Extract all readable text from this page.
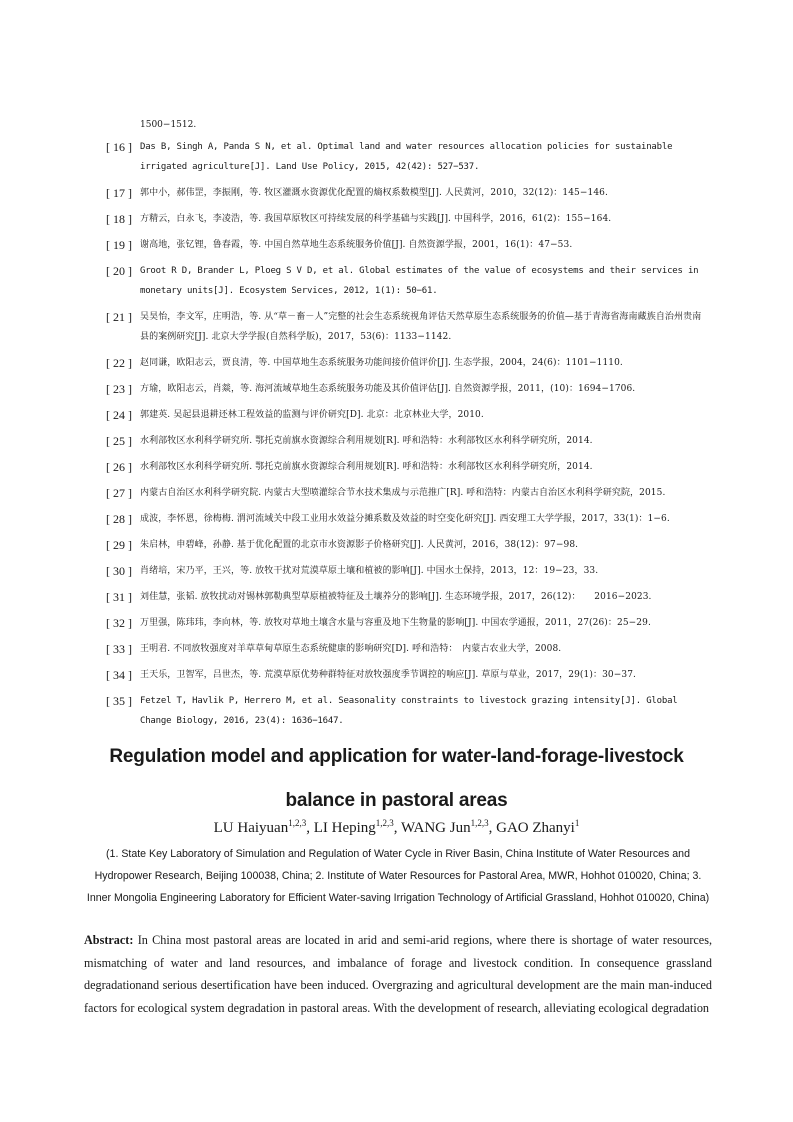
1500−1512.
[ 16 ] Das B, Singh A, Panda S N, et al. Optimal land and water resources allocation policies for sustainable irrigated agriculture[J]. Land Use Policy, 2015, 42(42): 527−537.
[ 17 ] 郭中小，郝伟罡，李振刚，等. 牧区灌溉水资源优化配置的熵权系数模型[J]. 人民黄河，2010，32(12)：145−146.
[ 18 ] 方精云，白永飞，李凌浩，等. 我国草原牧区可持续发展的科学基础与实践[J]. 中国科学，2016，61(2)：155−164.
[ 19 ] 谢高地，张钇锂，鲁春霞，等. 中国自然草地生态系统服务价值[J]. 自然资源学报，2001，16(1)：47−53.
[ 20 ] Groot R D, Brander L, Ploeg S V D, et al. Global estimates of the value of ecosystems and their services in monetary units[J]. Ecosystem Services, 2012, 1(1): 50−61.
[ 21 ] 吴昊怡，李文军，庄明浩，等. 从“草－畜－人”完整的社会生态系统视角评估天然草原生态系统服务的价值—基于青海省海南藏族自治州贵南县的案例研究[J]. 北京大学学报(自然科学版)，2017，53(6)：1133−1142.
[ 22 ] 赵同谦，欧阳志云，贾良清，等. 中国草地生态系统服务功能间接价值评价[J]. 生态学报，2004，24(6)：1101−1110.
[ 23 ] 方瑜，欧阳志云，肖燚，等. 海河流域草地生态系统服务功能及其价值评估[J]. 自然资源学报，2011，(10)：1694−1706.
[ 24 ] 郭建英. 吴起县退耕还林工程效益的监测与评价研究[D]. 北京：北京林业大学，2010.
[ 25 ] 水利部牧区水利科学研究所. 鄂托克前旗水资源综合利用规划[R]. 呼和浩特：水利部牧区水利科学研究所，2014.
[ 26 ] 水利部牧区水利科学研究所. 鄂托克前旗水资源综合利用规划[R]. 呼和浩特：水利部牧区水利科学研究所，2014.
[ 27 ] 内蒙古自治区水利科学研究院. 内蒙古大型喷灌综合节水技术集成与示范推广[R]. 呼和浩特：内蒙古自治区水利科学研究院，2015.
[ 28 ] 成波，李怀恩，徐梅梅. 渭河流域关中段工业用水效益分摊系数及效益的时空变化研究[J]. 西安理工大学学报，2017，33(1)：1−6.
[ 29 ] 朱启林，申碧峰，孙静. 基于优化配置的北京市水资源影子价格研究[J]. 人民黄河，2016，38(12)：97−98.
[ 30 ] 肖绪培，宋乃平，王兴，等. 放牧干扰对荒漠草原土壤和植被的影响[J]. 中国水土保持，2013，12：19−23，33.
[ 31 ] 刘佳慧，张韬. 放牧扰动对锡林郭勒典型草原植被特征及土壤养分的影响[J]. 生态环境学报，2017，26(12)：　　2016−2023.
[ 32 ] 万里强，陈玮玮，李向林，等. 放牧对草地土壤含水量与容重及地下生物量的影响[J]. 中国农学通报，2011，27(26)：25−29.
[ 33 ] 王明君. 不同放牧强度对羊草草甸草原生态系统健康的影响研究[D]. 呼和浩特：　内蒙古农业大学，2008.
[ 34 ] 王天乐，卫智军，吕世杰，等. 荒漠草原优势种群特征对放牧强度季节调控的响应[J]. 草原与草业，2017，29(1)：30−37.
[ 35 ] Fetzel T, Havlik P, Herrero M, et al. Seasonality constraints to livestock grazing intensity[J]. Global Change Biology, 2016, 23(4): 1636−1647.
Regulation model and application for water-land-forage-livestock
balance in pastoral areas
LU Haiyuan$^{1,2,3}$, LI Heping$^{1,2,3}$, WANG Jun$^{1,2,3}$, GAO Zhanyi$^1$
(1. State Key Laboratory of Simulation and Regulation of Water Cycle in River Basin, China Institute of Water Resources and Hydropower Research, Beijing 100038, China; 2. Institute of Water Resources for Pastoral Area, MWR, Hohhot 010020, China; 3. Inner Mongolia Engineering Laboratory for Efficient Water-saving Irrigation Technology of Artificial Grassland, Hohhot 010020, China)
Abstract: In China most pastoral areas are located in arid and semi-arid regions, where there is shortage of water resources, mismatching of water and land resources, and imbalance of forage and livestock condition. In consequence grassland degradationand serious desertification have been induced. Overgrazing and agricultural development are the main man-induced factors for ecological system degradation in pastoral areas. With the development of research, alleviating ecological degradation
